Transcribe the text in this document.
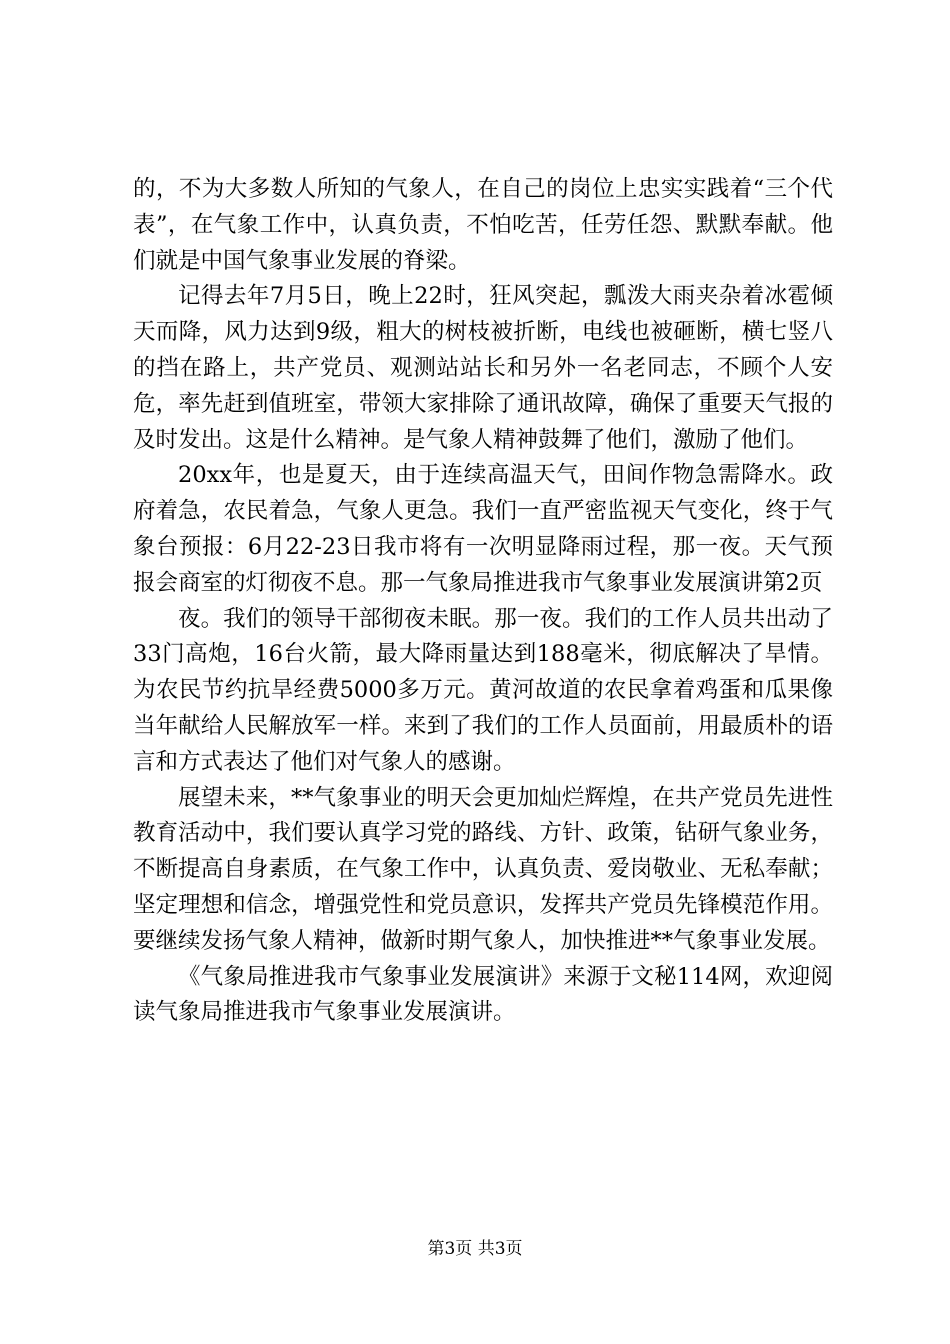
的，不为大多数人所知的气象人，在自己的岗位上忠实实践着“三个代表”，在气象工作中，认真负责，不怕吃苦，任劳任怨、默默奉献。他们就是中国气象事业发展的脊梁。

记得去年7月5日，晚上22时，狂风突起，瓢泼大雨夹杂着冰雹倾天而降，风力达到9级，粗大的树枝被折断，电线也被砸断，横七竖八的挡在路上，共产党员、观测站站长和另外一名老同志，不顾个人安危，率先赶到值班室，带领大家排除了通讯故障，确保了重要天气报的及时发出。这是什么精神。是气象人精神鼓舞了他们，激励了他们。

20xx年，也是夏天，由于连续高温天气，田间作物急需降水。政府着急，农民着急，气象人更急。我们一直严密监视天气变化，终于气象台预报：6月22-23日我市将有一次明显降雨过程，那一夜。天气预报会商室的灯彻夜不息。那一气象局推进我市气象事业发展演讲第2页

夜。我们的领导干部彻夜未眠。那一夜。我们的工作人员共出动了33门高炮，16台火箭，最大降雨量达到188毫米，彻底解决了旱情。为农民节约抗旱经费5000多万元。黄河故道的农民拿着鸡蛋和瓜果像当年献给人民解放军一样。来到了我们的工作人员面前，用最质朴的语言和方式表达了他们对气象人的感谢。

展望未来，**气象事业的明天会更加灿烂辉煌，在共产党员先进性教育活动中，我们要认真学习党的路线、方针、政策，钻研气象业务，不断提高自身素质，在气象工作中，认真负责、爱岗敬业、无私奉献；坚定理想和信念，增强党性和党员意识，发挥共产党员先锋模范作用。要继续发扬气象人精神，做新时期气象人，加快推进**气象事业发展。

《气象局推进我市气象事业发展演讲》来源于文秘114网，欢迎阅读气象局推进我市气象事业发展演讲。

第3页 共3页
